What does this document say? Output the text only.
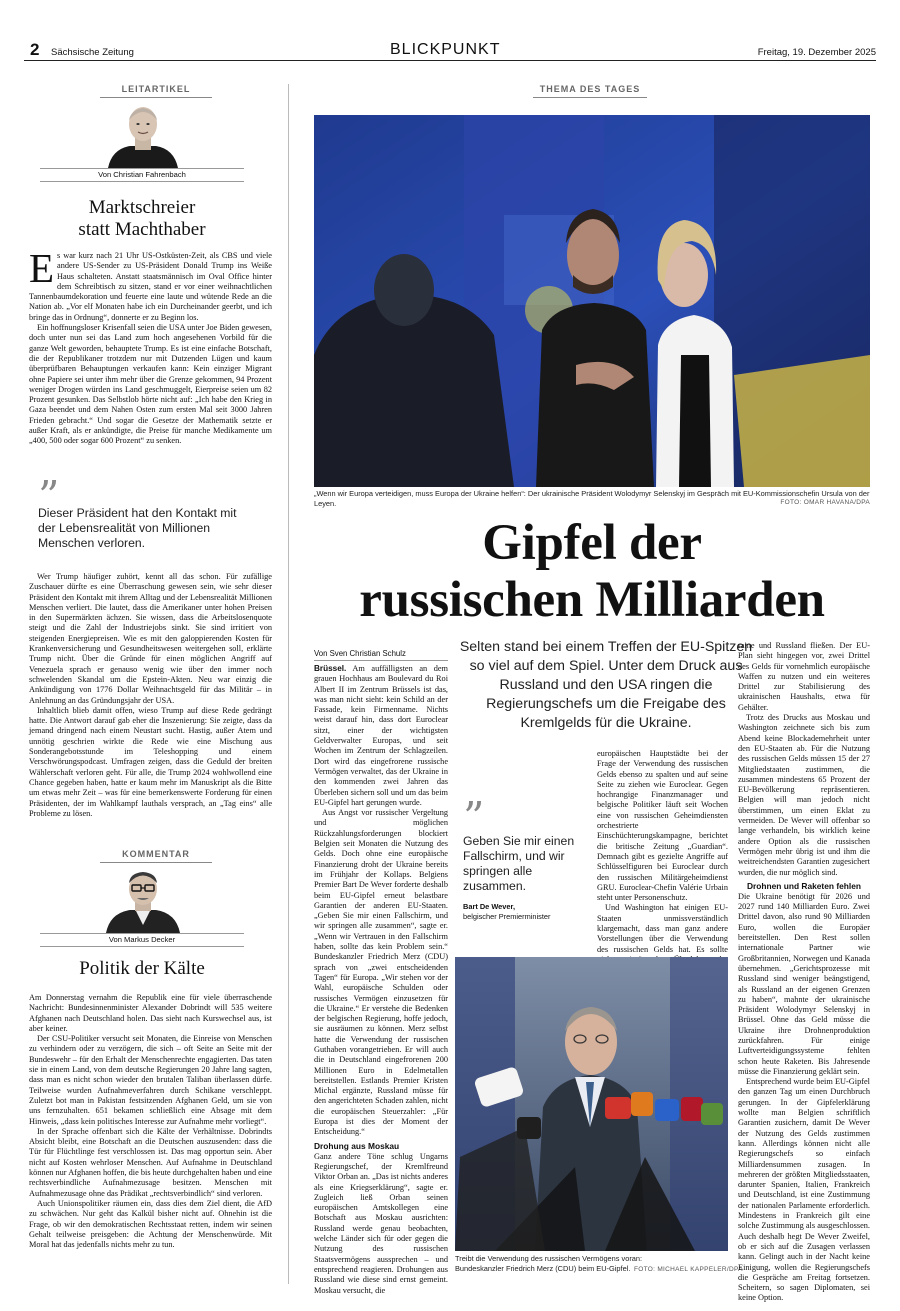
2 Sächsische Zeitung	BLICKPUNKT	Freitag, 19. Dezember 2025
LEITARTIKEL
Von Christian Fahrenbach
Marktschreier
statt Machthaber

Es war kurz nach 21 Uhr US-Ostküsten-Zeit, als CBS und viele andere US-Sender zu US-Präsident Donald Trump ins Weiße Haus schalteten. Anstatt staatsmännisch im Oval Office hinter dem Schreibtisch zu sitzen, stand er vor einer weihnachtlichen Tannenbaumdekoration und feuerte eine laute und wütende Rede an die Nation ab. „Vor elf Monaten habe ich ein Durcheinander geerbt, und ich bringe das in Ordnung“, donnerte er zu Beginn los.

Ein hoffnungsloser Krisenfall seien die USA unter Joe Biden gewesen, doch unter nun sei das Land zum hoch angesehenen Vorbild für die ganze Welt geworden, behauptete Trump. Es ist eine einfache Botschaft, die der Republikaner trotzdem nur mit Dutzenden Lügen und kaum überprüfbaren Behauptungen verkaufen kann: Kein einziger Migrant ohne Papiere sei unter ihm mehr über die Grenze gekommen, 94 Prozent weniger Drogen würden ins Land geschmuggelt, Eierpreise seien um 82 Prozent gesunken. Das Selbstlob hörte nicht auf: „Ich habe den Krieg in Gaza beendet und dem Nahen Osten zum ersten Mal seit 3000 Jahren Frieden gebracht.“ Und sogar die Gesetze der Mathematik setzte er außer Kraft, als er ankündigte, die Preise für manche Medikamente um „400, 500 oder sogar 600 Prozent“ zu senken.

”
Dieser Präsident hat den Kontakt mit der Lebensrealität von Millionen Menschen verloren.

Wer Trump häufiger zuhört, kennt all das schon. Für zufällige Zuschauer dürfte es eine Überraschung gewesen sein, wie sehr dieser Präsident den Kontakt mit ihrem Alltag und der Lebensrealität Millionen Menschen verliert. Die lautet, dass die Amerikaner unter hohen Preisen in den Supermärkten ächzen. Sie wissen, dass die Arbeitslosenquote steigt und die Zahl der Industriejobs sinkt. Sie sind irritiert von steigenden Energiepreisen. Wie es mit den galoppierenden Kosten für Krankenversicherung und Gesundheitswesen weitergehen soll, erklärte Trump nicht. Über die Gründe für einen möglichen Angriff auf Venezuela sprach er genauso wenig wie über den immer noch schwelenden Skandal um die Epstein-Akten. Neu war einzig die Ankündigung von 1776 Dollar Weihnachtsgeld für das Militär – in Anlehnung an das Gründungsjahr der USA.

Inhaltlich blieb damit offen, wieso Trump auf diese Rede gedrängt hatte. Die Antwort darauf gab eher die Inszenierung: Sie zeigte, dass da jemand dringend nach einem Neustart sucht. Hastig, außer Atem und unnötig geschrien wirkte die Rede wie eine Mischung aus Sonderangebotsstunde im Teleshopping und einem Verschwörungspodcast. Umfragen zeigen, dass die Geduld der breiten Wählerschaft verloren geht. Für alle, die Trump 2024 wohlwollend eine Chance gegeben haben, hatte er kaum mehr im Manuskript als die Bitte um etwas mehr Zeit – was für eine bemerkenswerte Forderung für einen Präsidenten, der im Wahlkampf lauthals versprach, an „Tag eins“ alle Probleme zu lösen.

KOMMENTAR
Von Markus Decker
Politik der Kälte

Am Donnerstag vernahm die Republik eine für viele überraschende Nachricht: Bundesinnenminister Alexander Dobrindt will 535 weitere Afghanen nach Deutschland holen. Das sieht nach Kurswechsel aus, ist aber keiner.

Der CSU-Politiker versucht seit Monaten, die Einreise von Menschen zu verhindern oder zu verzögern, die sich – oft Seite an Seite mit der Bundeswehr – für den Erhalt der Menschenrechte engagierten. Das taten sie in einem Land, von dem deutsche Regierungen 20 Jahre lang sagten, dass man es nicht schon wieder den brutalen Taliban überlassen dürfe. Teilweise wurden Aufnahmeverfahren durch Schikane verschleppt. Zuletzt bot man in Pakistan festsitzenden Afghanen Geld, um sie von uns fernzuhalten. 651 bekamen schließlich eine Absage mit dem Hinweis, „dass kein politisches Interesse zur Aufnahme mehr vorliegt“.

In der Sprache offenbart sich die Kälte der Verhältnisse. Dobrindts Absicht bleibt, eine Botschaft an die Deutschen auszusenden: dass die Tür für Flüchtlinge fest verschlossen ist. Das mag opportun sein. Aber nicht auf Kosten wehrloser Menschen. Auf Aufnahme in Deutschland können nur Afghanen hoffen, die bis heute durchgehalten haben und eine rechtsverbindliche Aufnahmezusage besitzen. Menschen mit Aufnahmezusage ohne das Prädikat „rechtsverbindlich“ sind verloren.

Auch Unionspolitiker räumen ein, dass dies dem Ziel dient, die AfD zu schwächen. Nur geht das Kalkül bisher nicht auf. Ohnehin ist die Frage, ob wir den demokratischen Rechtsstaat retten, indem wir seinen Gehalt teilweise preisgeben: die Achtung der Menschenwürde. Mit Moral hat das jedenfalls nichts mehr zu tun.

THEMA DES TAGES
„Wenn wir Europa verteidigen, muss Europa der Ukraine helfen“: Der ukrainische Präsident Wolodymyr Selenskyj im Gespräch mit EU-Kommissionschefin Ursula von der Leyen.	FOTO: OMAR HAVANA/DPA
Gipfel der
russischen Milliarden
Von Sven Christian Schulz	Selten stand bei einem Treffen der EU-Spitzen so viel auf dem Spiel. Unter dem Druck aus Russland und den USA ringen die Regierungschefs um die Freigabe des Kremlgelds für die Ukraine.

Brüssel. Am auffälligsten an dem grauen Hochhaus am Boulevard du Roi Albert II im Zentrum Brüssels ist das, was man nicht sieht: kein Schild an der Fassade, kein Firmenname. Nichts weist darauf hin, dass dort Euroclear sitzt, einer der wichtigsten Geldverwalter Europas, und seit Wochen im Zentrum der Schlagzeilen. Dort wird das eingefrorene russische Vermögen verwaltet, das der Ukraine in den kommenden zwei Jahren das Überleben sichern soll und um das beim EU-Gipfel hart gerungen wurde.

Aus Angst vor russischer Vergeltung und möglichen Rückzahlungsforderungen blockiert Belgien seit Monaten die Nutzung des Gelds. Doch ohne eine europäische Finanzierung droht der Ukraine bereits im Frühjahr der Kollaps. Belgiens Premier Bart De Wever forderte deshalb beim EU-Gipfel erneut belastbare Garantien der anderen EU-Staaten. „Geben Sie mir einen Fallschirm, und wir springen alle zusammen“, sagte er. „Wenn wir Vertrauen in den Fallschirm haben, sollte das kein Problem sein.“ Bundeskanzler Friedrich Merz (CDU) sprach von „zwei entscheidenden Tagen“ für Europa. „Wir stehen vor der Wahl, europäische Schulden oder russisches Vermögen einzusetzen für die Ukraine.“ Er verstehe die Bedenken der belgischen Regierung, hoffe jedoch, sie ausräumen zu können. Merz selbst hatte die Verwendung der russischen Guthaben vorangetrieben. Er will auch die in Deutschland eingefrorenen 200 Millionen Euro in Edelmetallen bereitstellen. Estlands Premier Kristen Michal ergänzte, Russland müsse für den angerichteten Schaden zahlen, nicht die europäischen Steuerzahler: „Für Europa ist dies der Moment der Entscheidung.“

Drohung aus Moskau

Ganz andere Töne schlug Ungarns Regierungschef, der Kremlfreund Viktor Orban an. „Das ist nichts anderes als eine Kriegserklärung“, sagte er. Zugleich ließ Orban seinen europäischen Amtskollegen eine Botschaft aus Moskau ausrichten: Russland werde genau beobachten, welche Länder sich für oder gegen die Nutzung des russischen Staatsvermögens aussprechen – und entsprechend reagieren. Drohungen aus Russland wie diese sind ernst gemeint. Moskau versucht, die

europäischen Hauptstädte bei der Frage der Verwendung des russischen Gelds ebenso zu spalten und auf seine Seite zu ziehen wie Euroclear. Gegen hochrangige Finanzmanager und belgische Politiker läuft seit Wochen eine von russischen Geheimdiensten orchestrierte Einschüchterungskampagne, berichtet die britische Zeitung „Guardian“. Demnach gibt es gezielte Angriffe auf Schlüsselfiguren bei Euroclear durch den russischen Militärgeheimdienst GRU. Euroclear-Chefin Valérie Urbain steht unter Personenschutz.

Und Washington hat einigen EU-Staaten unmissverständlich klargemacht, dass man ganz andere Vorstellungen über die Verwendung des russischen Gelds hat. Es sollte

”
Geben Sie mir einen Fallschirm, und wir springen alle zusammen.
Bart De Wever,
belgischer Premierminister
Treibt die Verwendung des russischen Vermögens voran: Bundeskanzler Friedrich Merz (CDU) beim EU-Gipfel. FOTO: MICHAEL KAPPELER/DPA

raine und Russland fließen. Der EU-Plan sieht hingegen vor, zwei Drittel des Gelds für vornehmlich europäische Waffen zu nutzen und ein weiteres Drittel zur Stabilisierung des ukrainischen Haushalts, etwa für Gehälter.

Trotz des Drucks aus Moskau und Washington zeichnete sich bis zum Abend keine Blockademehrheit unter den EU-Staaten ab. Für die Nutzung des russischen Gelds müssen 15 der 27 Mitgliedstaaten zustimmen, die zusammen mindestens 65 Prozent der EU-Bevölkerung repräsentieren. Belgien will man jedoch nicht überstimmen, um einen Eklat zu vermeiden. De Wever will offenbar so lange verhandeln, bis wirklich keine andere Option als die russischen Vermögen mehr übrig ist und ihm die weitreichendsten Garantien zugesichert wurden, die nur möglich sind.

Drohnen und Raketen fehlen

Die Ukraine benötigt für 2026 und 2027 rund 140 Milliarden Euro. Zwei Drittel davon, also rund 90 Milliarden Euro, wollen die Europäer bereitstellen. Den Rest sollen internationale Partner wie Großbritannien, Norwegen und Kanada übernehmen. „Gerichtsprozesse mit Russland sind weniger beängstigend, als Russland an der eigenen Grenzen zu haben“, mahnte der ukrainische Präsident Wolodymyr Selenskyj in Brüssel. Ohne das Geld müsse die Ukraine ihre Drohnenproduktion zurückfahren. Für einige Luftverteidigungssysteme fehlten schon heute Raketen. Bis Jahresende müsse die Finanzierung geklärt sein.

Entsprechend wurde beim EU-Gipfel den ganzen Tag um einen Durchbruch gerungen. In der Gipfelerklärung wollte man Belgien schriftlich Garantien zusichern, damit De Wever der Nutzung des Gelds zustimmen kann. Allerdings können nicht alle Regierungschefs so einfach Milliardensummen zusagen. In mehreren der größten Mitgliedsstaaten, darunter Spanien, Italien, Frankreich und Deutschland, ist eine Zustimmung der nationalen Parlamente erforderlich. Mindestens in Frankreich gilt eine solche Zustimmung als ausgeschlossen. Auch deshalb hegt De Wever Zweifel, ob er sich auf die Zusagen verlassen kann. Gelingt auch in der Nacht keine Einigung, wollen die Regierungschefs die Gespräche am Freitag fortsetzen. Scheitern, so sagen Diplomaten, sei keine Option.
